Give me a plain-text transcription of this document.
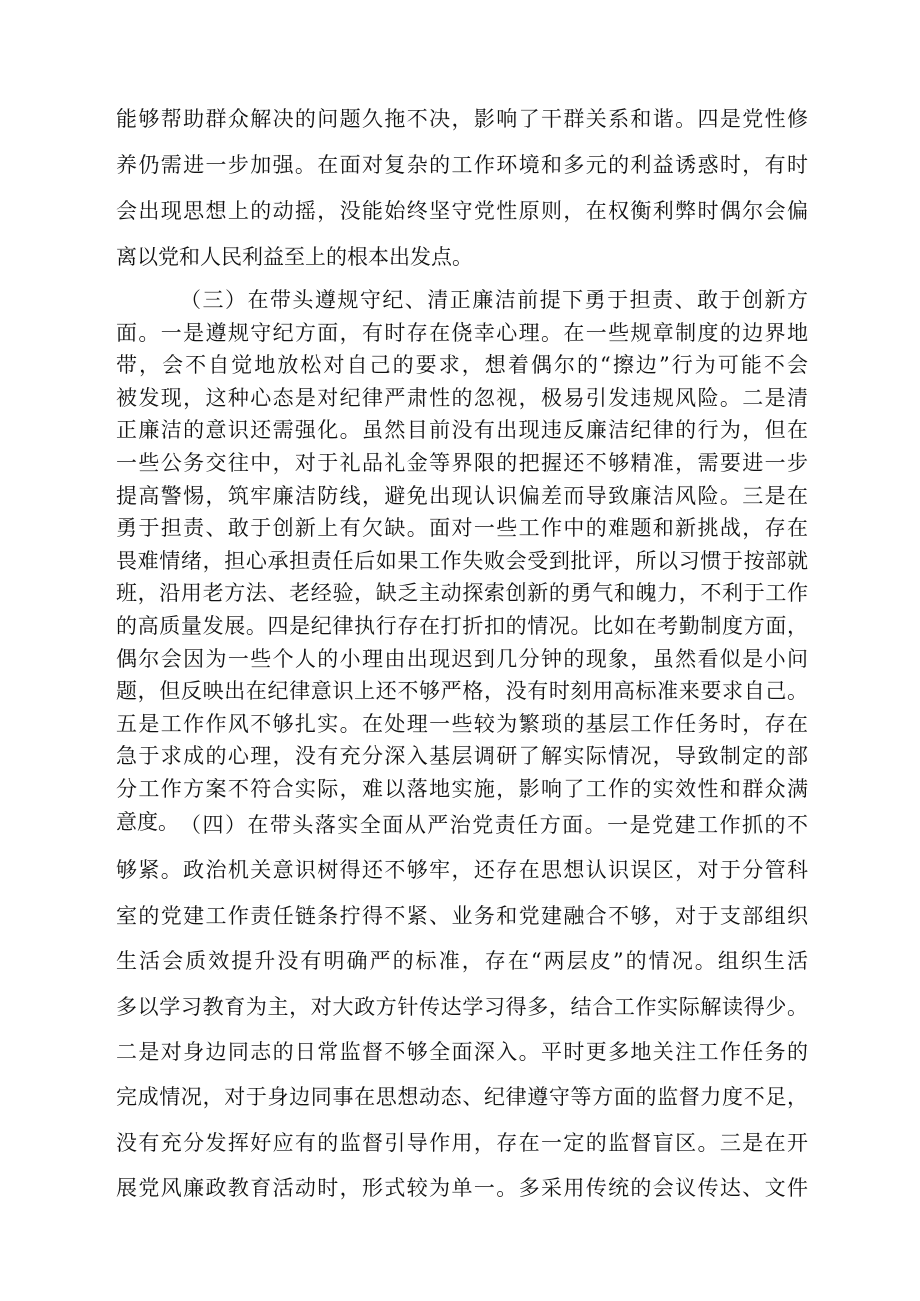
能够帮助群众解决的问题久拖不决，影响了干群关系和谐。四是党性修
养仍需进一步加强。在面对复杂的工作环境和多元的利益诱惑时，有时
会出现思想上的动摇，没能始终坚守党性原则，在权衡利弊时偶尔会偏
离以党和人民利益至上的根本出发点。
（三）在带头遵规守纪、清正廉洁前提下勇于担责、敢于创新方
面。一是遵规守纪方面，有时存在侥幸心理。在一些规章制度的边界地
带，会不自觉地放松对自己的要求，想着偶尔的“擦边”行为可能不会
被发现，这种心态是对纪律严肃性的忽视，极易引发违规风险。二是清
正廉洁的意识还需强化。虽然目前没有出现违反廉洁纪律的行为，但在
一些公务交往中，对于礼品礼金等界限的把握还不够精准，需要进一步
提高警惕，筑牢廉洁防线，避免出现认识偏差而导致廉洁风险。三是在
勇于担责、敢于创新上有欠缺。面对一些工作中的难题和新挑战，存在
畏难情绪，担心承担责任后如果工作失败会受到批评，所以习惯于按部就
班，沿用老方法、老经验，缺乏主动探索创新的勇气和魄力，不利于工作
的高质量发展。四是纪律执行存在打折扣的情况。比如在考勤制度方面，
偶尔会因为一些个人的小理由出现迟到几分钟的现象，虽然看似是小问
题，但反映出在纪律意识上还不够严格，没有时刻用高标准来要求自己。
五是工作作风不够扎实。在处理一些较为繁琐的基层工作任务时，存在
急于求成的心理，没有充分深入基层调研了解实际情况，导致制定的部
分工作方案不符合实际，难以落地实施，影响了工作的实效性和群众满
意度。 （四）在带头落实全面从严治党责任方面。一是党建工作抓的不
够紧。政治机关意识树得还不够牢，还存在思想认识误区，对于分管科
室的党建工作责任链条拧得不紧、业务和党建融合不够，对于支部组织
生活会质效提升没有明确严的标准，存在“两层皮”的情况。组织生活
多以学习教育为主，对大政方针传达学习得多，结合工作实际解读得少。
二是对身边同志的日常监督不够全面深入。平时更多地关注工作任务的
完成情况，对于身边同事在思想动态、纪律遵守等方面的监督力度不足，
没有充分发挥好应有的监督引导作用，存在一定的监督盲区。三是在开
展党风廉政教育活动时，形式较为单一。多采用传统的会议传达、文件
